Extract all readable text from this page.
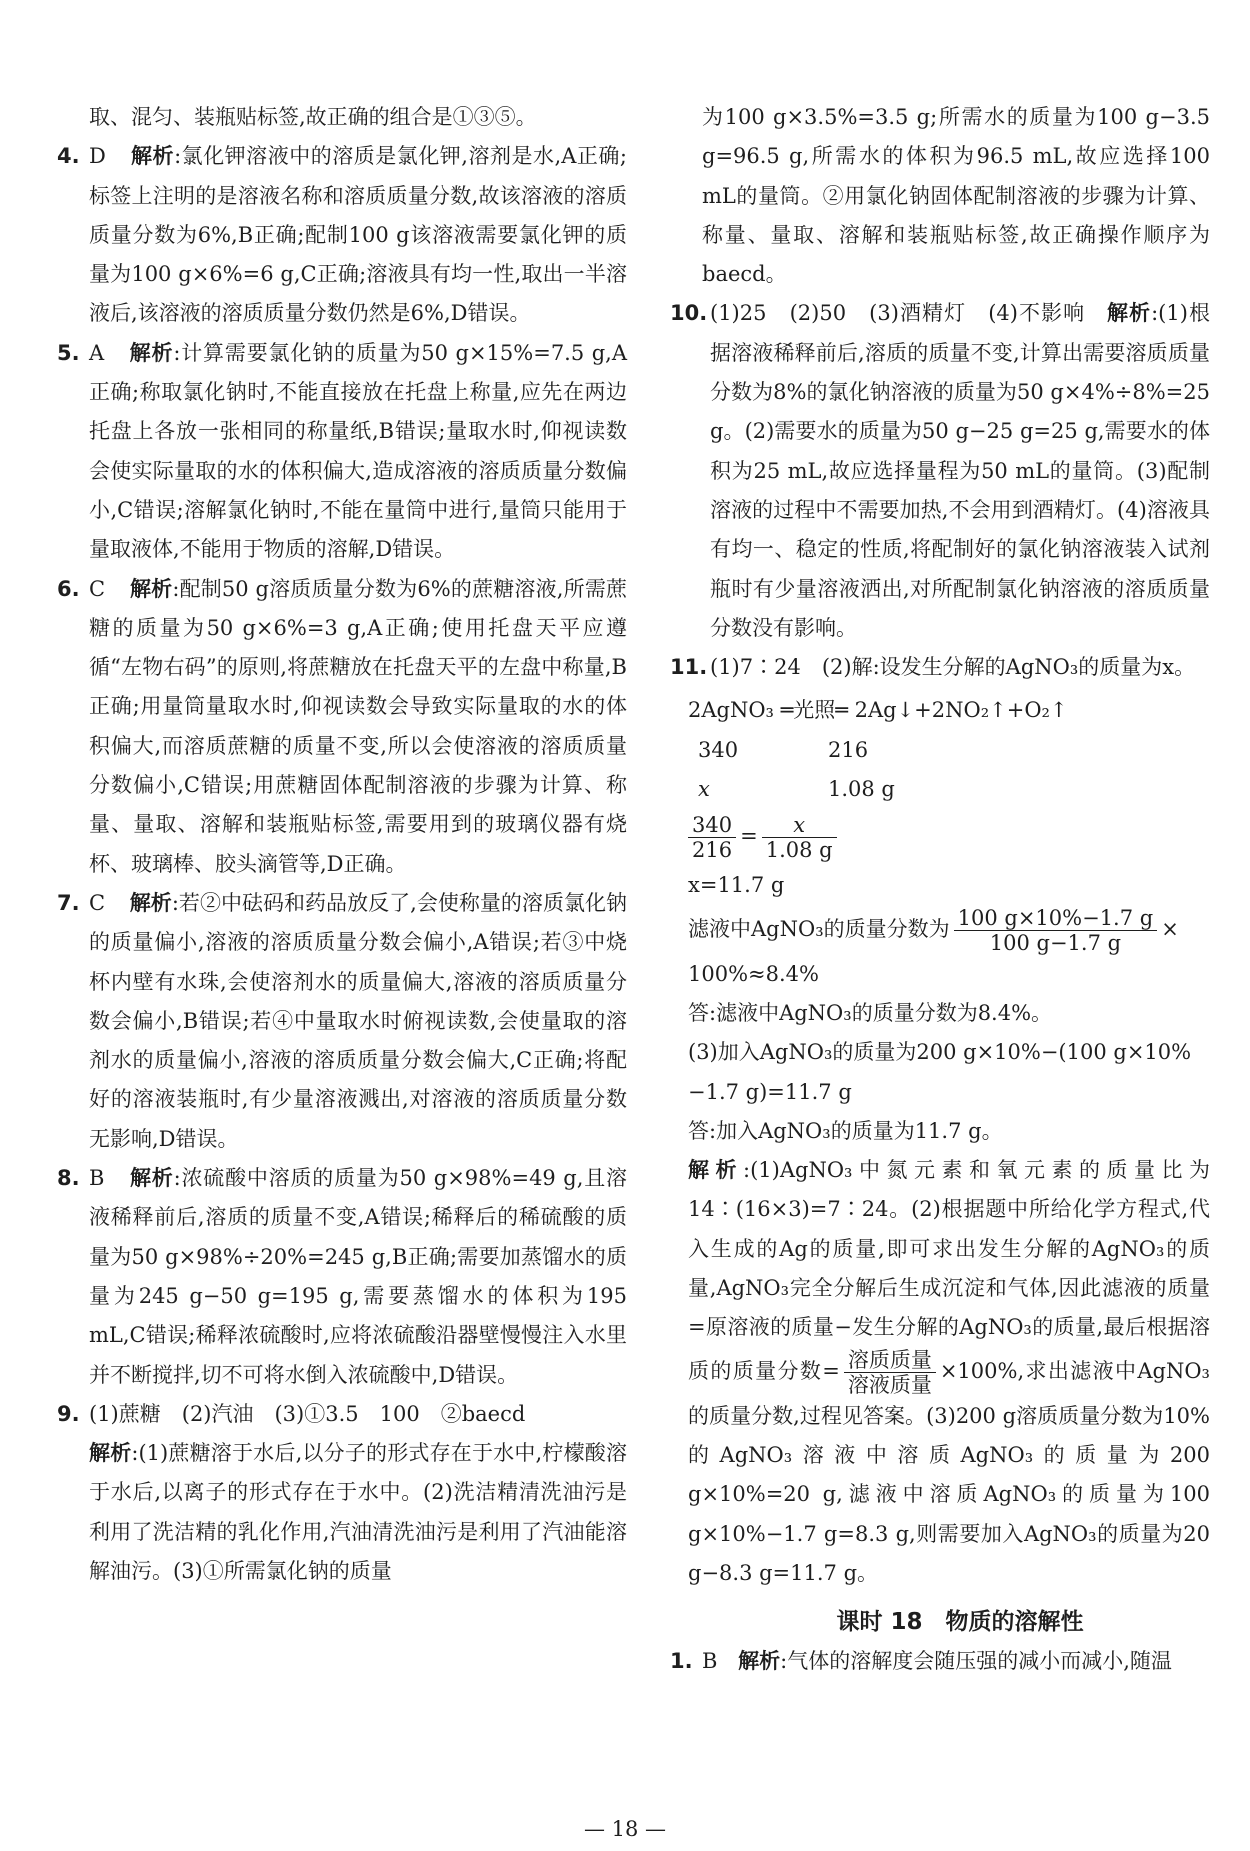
取、混匀、装瓶贴标签,故正确的组合是①③⑤。

4. D 解析:氯化钾溶液中的溶质是氯化钾,溶剂是水,A正确;标签上注明的是溶液名称和溶质质量分数,故该溶液的溶质质量分数为6%,B正确;配制100 g该溶液需要氯化钾的质量为100 g×6%=6 g,C正确;溶液具有均一性,取出一半溶液后,该溶液的溶质质量分数仍然是6%,D错误。
5. A 解析:计算需要氯化钠的质量为50 g×15%=7.5 g,A正确;称取氯化钠时,不能直接放在托盘上称量,应先在两边托盘上各放一张相同的称量纸,B错误;量取水时,仰视读数会使实际量取的水的体积偏大,造成溶液的溶质质量分数偏小,C错误;溶解氯化钠时,不能在量筒中进行,量筒只能用于量取液体,不能用于物质的溶解,D错误。
6. C 解析:配制50 g溶质质量分数为6%的蔗糖溶液,所需蔗糖的质量为50 g×6%=3 g,A正确;使用托盘天平应遵循“左物右码”的原则,将蔗糖放在托盘天平的左盘中称量,B正确;用量筒量取水时,仰视读数会导致实际量取的水的体积偏大,而溶质蔗糖的质量不变,所以会使溶液的溶质质量分数偏小,C错误;用蔗糖固体配制溶液的步骤为计算、称量、量取、溶解和装瓶贴标签,需要用到的玻璃仪器有烧杯、玻璃棒、胶头滴管等,D正确。
7. C 解析:若②中砝码和药品放反了,会使称量的溶质氯化钠的质量偏小,溶液的溶质质量分数会偏小,A错误;若③中烧杯内壁有水珠,会使溶剂水的质量偏大,溶液的溶质质量分数会偏小,B错误;若④中量取水时俯视读数,会使量取的溶剂水的质量偏小,溶液的溶质质量分数会偏大,C正确;将配好的溶液装瓶时,有少量溶液溅出,对溶液的溶质质量分数无影响,D错误。
8. B 解析:浓硫酸中溶质的质量为50 g×98%=49 g,且溶液稀释前后,溶质的质量不变,A错误;稀释后的稀硫酸的质量为50 g×98%÷20%=245 g,B正确;需要加蒸馏水的质量为245 g−50 g=195 g,需要蒸馏水的体积为195 mL,C错误;稀释浓硫酸时,应将浓硫酸沿器壁慢慢注入水里并不断搅拌,切不可将水倒入浓硫酸中,D错误。
9. (1)蔗糖　(2)汽油　(3)①3.5　100　②baecd
解析:(1)蔗糖溶于水后,以分子的形式存在于水中,柠檬酸溶于水后,以离子的形式存在于水中。(2)洗洁精清洗油污是利用了洗洁精的乳化作用,汽油清洗油污是利用了汽油能溶解油污。(3)①所需氯化钠的质量

为100 g×3.5%=3.5 g;所需水的质量为100 g−3.5 g=96.5 g,所需水的体积为96.5 mL,故应选择100 mL的量筒。②用氯化钠固体配制溶液的步骤为计算、称量、量取、溶解和装瓶贴标签,故正确操作顺序为baecd。

10. (1)25　(2)50　(3)酒精灯　(4)不影响 解析:(1)根据溶液稀释前后,溶质的质量不变,计算出需要溶质质量分数为8%的氯化钠溶液的质量为50 g×4%÷8%=25 g。(2)需要水的质量为50 g−25 g=25 g,需要水的体积为25 mL,故应选择量程为50 mL的量筒。(3)配制溶液的过程中不需要加热,不会用到酒精灯。(4)溶液具有均一、稳定的性质,将配制好的氯化钠溶液装入试剂瓶时有少量溶液洒出,对所配制氯化钠溶液的溶质质量分数没有影响。
11. (1)7∶24　(2)解:设发生分解的AgNO₃的质量为x。
2AgNO₃ ═光照═ 2Ag↓+2NO₂↑+O₂↑
340	216
x	1.08 g
$\frac{340}{216} = \frac{x}{1.08 g}$
x=11.7 g
滤液中AgNO₃的质量分数为 $\frac{100 g\times 10\%-1.7 g}{100 g-1.7 g}$ ×
100%≈8.4%
答:滤液中AgNO₃的质量分数为8.4%。
(3)加入AgNO₃的质量为200 g×10%−(100 g×10%−1.7 g)=11.7 g
答:加入AgNO₃的质量为11.7 g。

解析:(1)AgNO₃中氮元素和氧元素的质量比为14∶(16×3)=7∶24。(2)根据题中所给化学方程式,代入生成的Ag的质量,即可求出发生分解的AgNO₃的质量,AgNO₃完全分解后生成沉淀和气体,因此滤液的质量=原溶液的质量−发生分解的AgNO₃的质量,最后根据溶质的质量分数= $\frac{\text{溶质质量}}{\text{溶液质量}} \times 100\%$,求出滤液中AgNO₃的质量分数,过程见答案。(3)200 g溶质质量分数为10%的AgNO₃溶液中溶质AgNO₃的质量为200 g×10%=20 g,滤液中溶质AgNO₃的质量为100 g×10%−1.7 g=8.3 g,则需要加入AgNO₃的质量为20 g−8.3 g=11.7 g。

课时 18　物质的溶解性
1. B 解析:气体的溶解度会随压强的减小而减小,随温
— 18 —
